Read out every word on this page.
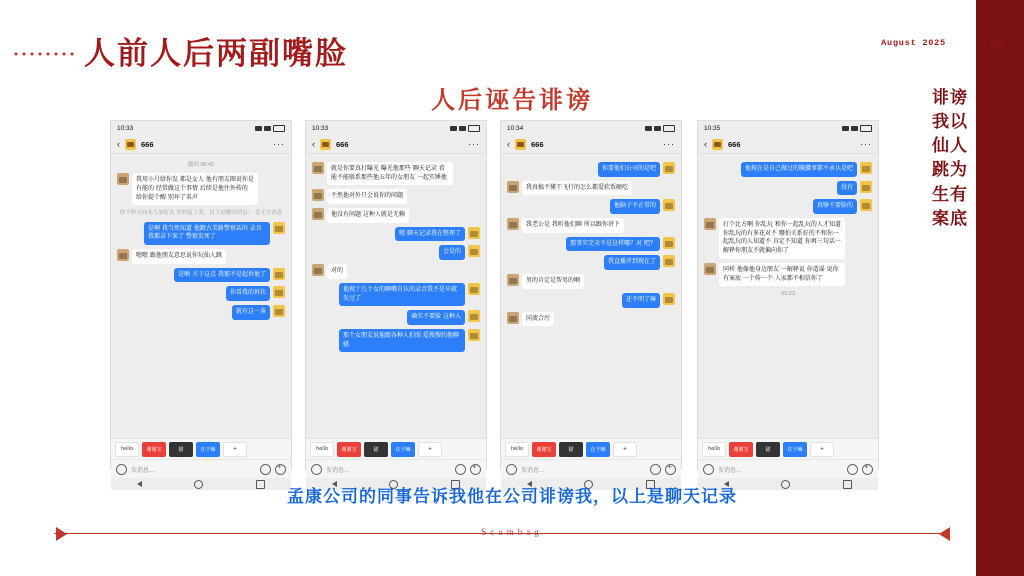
人前人后两副嘴脸	August 2025	039
人后诬告诽谤	诽谤我以仙人跳为生有案底
10:33
‹	666	···
撤回 06:42
我用小号给你发 都是女人 他有朋友圈说你是有能的 经常做这个事情 后续是他住外传的 给你提个醒 别坏了名声
你于昨天向未互加好友 你的复上发，以下是撤回消息！ 喜无字消息
是啊 我当然知道 他跟古美路警察话的 录音我都录下来了 警察发死了
嗯嗯 跟他朋友意思说你玩仙人跳
是啊 关于这点 我那不是起诉他了
你看我的诉状
就有这一条
hello	谢谢宝	猫	在干嘛	+
发消息…
+
10:33
‹	666	···
就是你要真打曝光 曝光他那些 聊天记录 看能不能联系那些他五年的女朋友 一起实锤他
不然他对外只会说你的问题
他没有问题 这种人就是无赖
嗯 聊天记录我在整理了
会是的
对的
他现十几个女的聊嘴自认的录音我不是早就发过了
确实不要脸 这种人
那个女朋友说他跟各种人拍照 爱搜搜约他聊骚
hello	谢谢宝	猫	在干嘛	+
发消息…
+
10:34
‹	666	···
你要他们公司的是吧
我真搞不懂干飞行的怎么都爱软饭硬吃
他脑子不正常的
我老公是 我听他们聊 所以跟你讲下
那事实完全不是这样哪？对 吧？
我直播开到现在了
男的肯定是帮男的啊
还不明了嘛
同流合污
hello	谢谢宝	猫	在干嘛	+
发消息…
+
10:35
‹	666	···
他现在是自己做过的腌臢事都不承认是吧
没有
真够不要脸的
打个比方啊 你乱玩 和你一起乱玩的人才知道你乱玩的有多花对不 哪怕关系好的不和你一起乱玩的人知道不 肯定不知道 你再三句话一解释你朋友不就偏向你了
同样 他像他身边朋友 一解释说 你造谣 说你有案底 一个传一个 人家都不相信你了
09:23
hello	谢谢宝	猫	在干嘛	+
发消息…
+
孟康公司的同事告诉我他在公司诽谤我，以上是聊天记录
Scumbag
